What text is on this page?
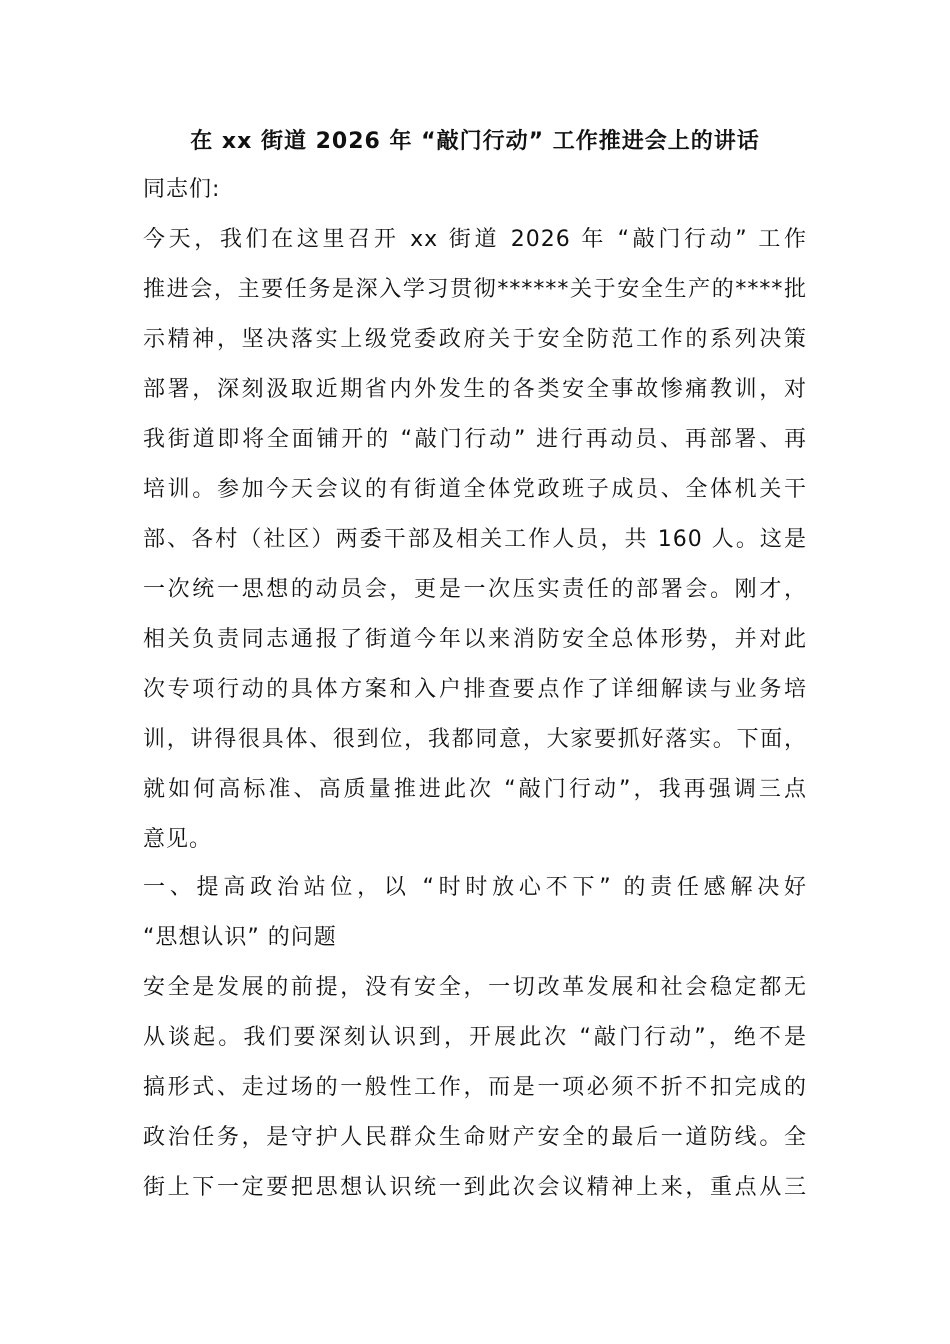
在 xx 街道 2026 年 “敲门行动” 工作推进会上的讲话
同志们:
今天，我们在这里召开 xx 街道 2026 年 “敲门行动” 工作
推进会，主要任务是深入学习贯彻******关于安全生产的****批
示精神，坚决落实上级党委政府关于安全防范工作的系列决策
部署，深刻汲取近期省内外发生的各类安全事故惨痛教训，对
我街道即将全面铺开的 “敲门行动” 进行再动员、再部署、再
培训。参加今天会议的有街道全体党政班子成员、全体机关干
部、各村（社区）两委干部及相关工作人员，共 160 人。这是
一次统一思想的动员会，更是一次压实责任的部署会。刚才，
相关负责同志通报了街道今年以来消防安全总体形势，并对此
次专项行动的具体方案和入户排查要点作了详细解读与业务培
训，讲得很具体、很到位，我都同意，大家要抓好落实。下面，
就如何高标准、高质量推进此次 “敲门行动”，我再强调三点
意见。
一、提高政治站位，以 “时时放心不下” 的责任感解决好
“思想认识” 的问题
安全是发展的前提，没有安全，一切改革发展和社会稳定都无
从谈起。我们要深刻认识到，开展此次 “敲门行动”，绝不是
搞形式、走过场的一般性工作，而是一项必须不折不扣完成的
政治任务，是守护人民群众生命财产安全的最后一道防线。全
街上下一定要把思想认识统一到此次会议精神上来，重点从三
